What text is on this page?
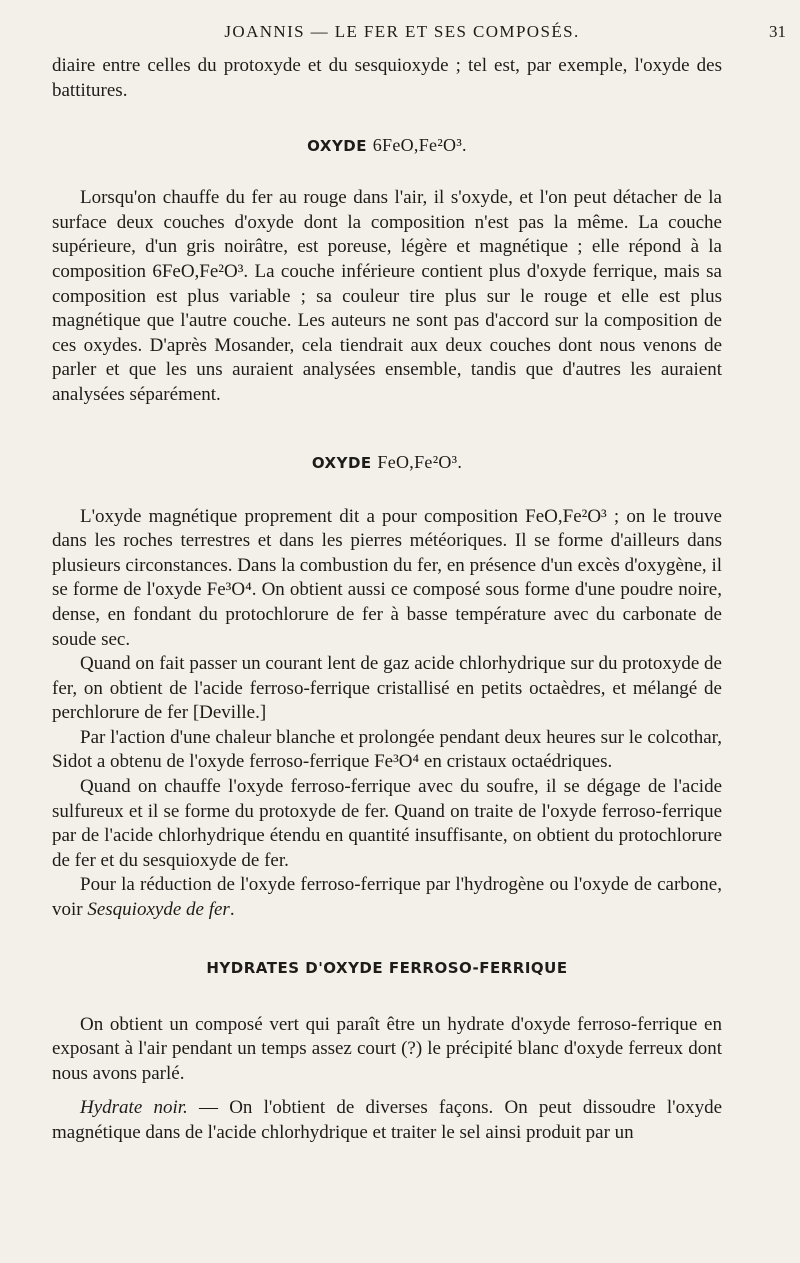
JOANNIS — LE FER ET SES COMPOSÉS.	31

diaire entre celles du protoxyde et du sesquioxyde ; tel est, par exemple, l'oxyde des battitures.

OXYDE 6FeO,Fe²O³.

Lorsqu'on chauffe du fer au rouge dans l'air, il s'oxyde, et l'on peut détacher de la surface deux couches d'oxyde dont la composition n'est pas la même. La couche supérieure, d'un gris noirâtre, est poreuse, légère et magnétique ; elle répond à la composition 6FeO,Fe²O³. La couche inférieure contient plus d'oxyde ferrique, mais sa composition est plus variable ; sa couleur tire plus sur le rouge et elle est plus magnétique que l'autre couche. Les auteurs ne sont pas d'accord sur la composition de ces oxydes. D'après Mosander, cela tiendrait aux deux couches dont nous venons de parler et que les uns auraient analysées ensemble, tandis que d'autres les auraient analysées séparément.

OXYDE FeO,Fe²O³.

L'oxyde magnétique proprement dit a pour composition FeO,Fe²O³ ; on le trouve dans les roches terrestres et dans les pierres météoriques. Il se forme d'ailleurs dans plusieurs circonstances. Dans la combustion du fer, en présence d'un excès d'oxygène, il se forme de l'oxyde Fe³O⁴. On obtient aussi ce composé sous forme d'une poudre noire, dense, en fondant du protochlorure de fer à basse température avec du carbonate de soude sec.

Quand on fait passer un courant lent de gaz acide chlorhydrique sur du protoxyde de fer, on obtient de l'acide ferroso-ferrique cristallisé en petits octaèdres, et mélangé de perchlorure de fer [Deville.]

Par l'action d'une chaleur blanche et prolongée pendant deux heures sur le colcothar, Sidot a obtenu de l'oxyde ferroso-ferrique Fe³O⁴ en cristaux octaédriques.

Quand on chauffe l'oxyde ferroso-ferrique avec du soufre, il se dégage de l'acide sulfureux et il se forme du protoxyde de fer. Quand on traite de l'oxyde ferroso-ferrique par de l'acide chlorhydrique étendu en quantité insuffisante, on obtient du protochlorure de fer et du sesquioxyde de fer.

Pour la réduction de l'oxyde ferroso-ferrique par l'hydrogène ou l'oxyde de carbone, voir Sesquioxyde de fer.

HYDRATES D'OXYDE FERROSO-FERRIQUE

On obtient un composé vert qui paraît être un hydrate d'oxyde ferroso-ferrique en exposant à l'air pendant un temps assez court (?) le précipité blanc d'oxyde ferreux dont nous avons parlé.

Hydrate noir. — On l'obtient de diverses façons. On peut dissoudre l'oxyde magnétique dans de l'acide chlorhydrique et traiter le sel ainsi produit par un
